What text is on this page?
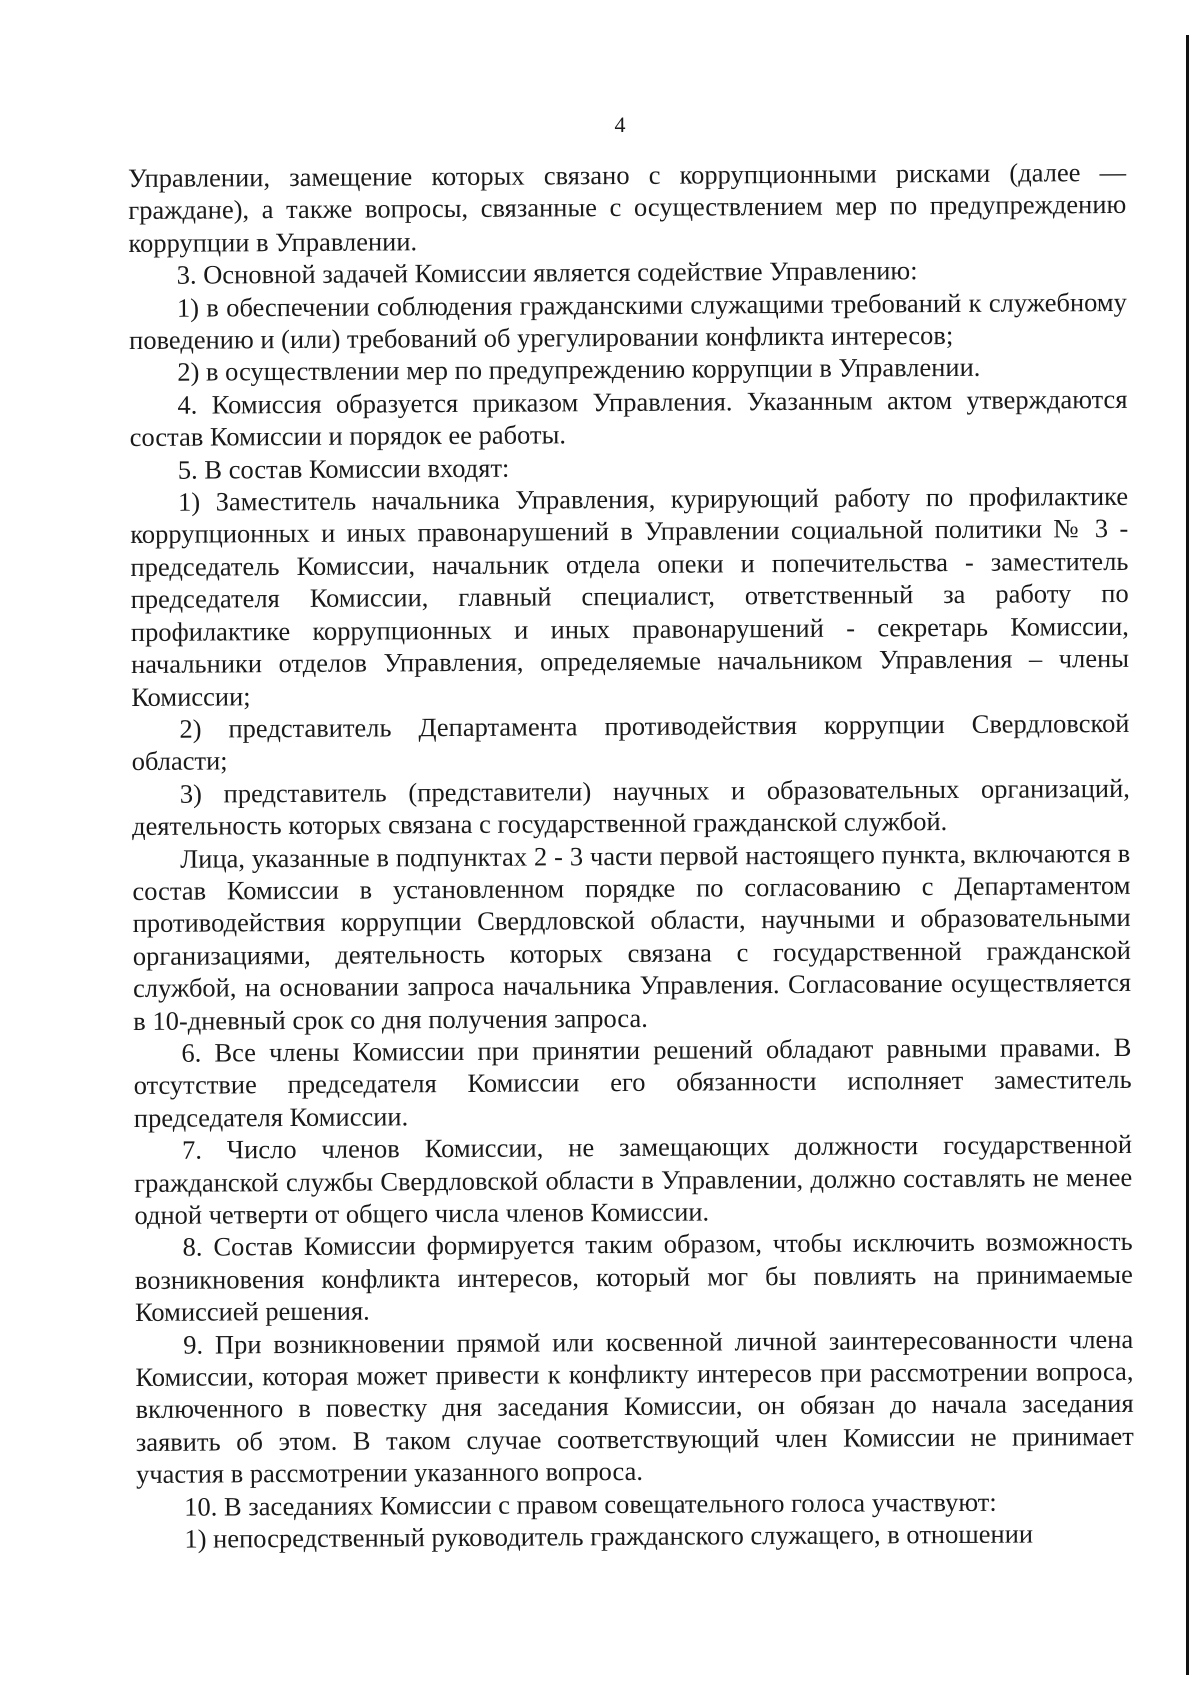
4

Управлении, замещение которых связано с коррупционными рисками (далее — граждане), а также вопросы, связанные с осуществлением мер по предупреждению коррупции в Управлении.

3. Основной задачей Комиссии является содействие Управлению:

1) в обеспечении соблюдения гражданскими служащими требований к служебному поведению и (или) требований об урегулировании конфликта интересов;

2) в осуществлении мер по предупреждению коррупции в Управлении.

4. Комиссия образуется приказом Управления. Указанным актом утверждаются состав Комиссии и порядок ее работы.

5. В состав Комиссии входят:

1) Заместитель начальника Управления, курирующий работу по профилактике коррупционных и иных правонарушений в Управлении социальной политики № 3 - председатель Комиссии, начальник отдела опеки и попечительства - заместитель председателя Комиссии, главный специалист, ответственный за работу по профилактике коррупционных и иных правонарушений - секретарь Комиссии, начальники отделов Управления, определяемые начальником Управления – члены Комиссии;

2) представитель Департамента противодействия коррупции Свердловской области;

3) представитель (представители) научных и образовательных организаций, деятельность которых связана с государственной гражданской службой.

Лица, указанные в подпунктах 2 - 3 части первой настоящего пункта, включаются в состав Комиссии в установленном порядке по согласованию с Департаментом противодействия коррупции Свердловской области, научными и образовательными организациями, деятельность которых связана с государственной гражданской службой, на основании запроса начальника Управления. Согласование осуществляется в 10-дневный срок со дня получения запроса.

6. Все члены Комиссии при принятии решений обладают равными правами. В отсутствие председателя Комиссии его обязанности исполняет заместитель председателя Комиссии.

7. Число членов Комиссии, не замещающих должности государственной гражданской службы Свердловской области в Управлении, должно составлять не менее одной четверти от общего числа членов Комиссии.

8. Состав Комиссии формируется таким образом, чтобы исключить возможность возникновения конфликта интересов, который мог бы повлиять на принимаемые Комиссией решения.

9. При возникновении прямой или косвенной личной заинтересованности члена Комиссии, которая может привести к конфликту интересов при рассмотрении вопроса, включенного в повестку дня заседания Комиссии, он обязан до начала заседания заявить об этом. В таком случае соответствующий член Комиссии не принимает участия в рассмотрении указанного вопроса.

10. В заседаниях Комиссии с правом совещательного голоса участвуют:

1) непосредственный руководитель гражданского служащего, в отношении
